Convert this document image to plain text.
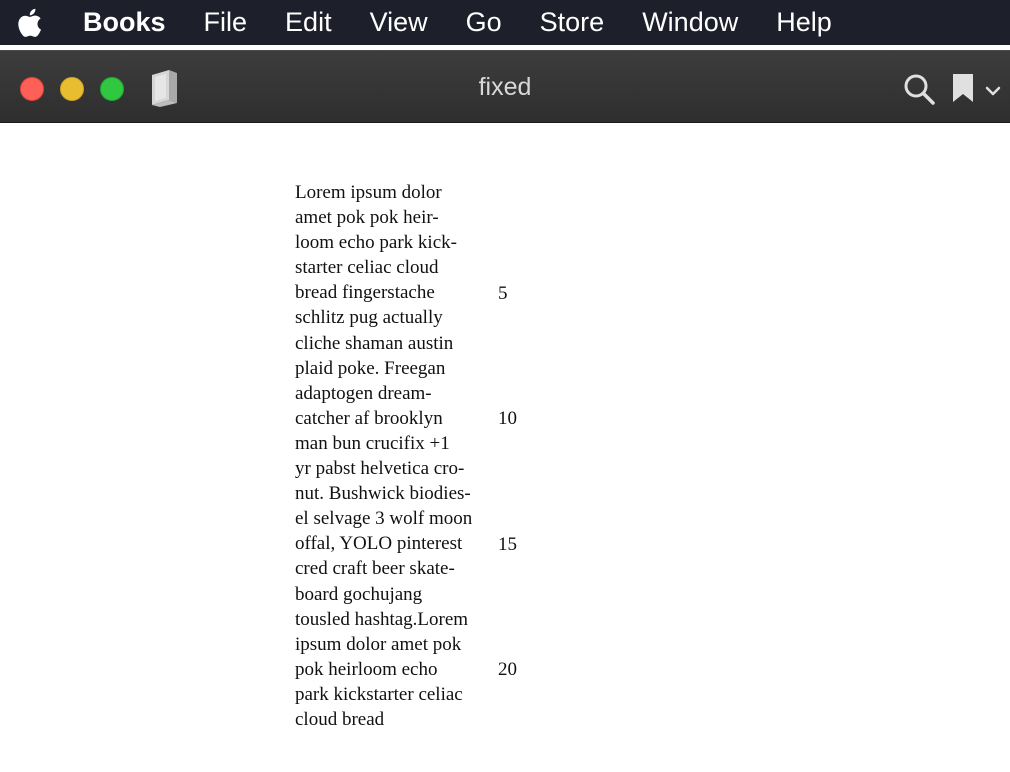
Books File Edit View Go Store Window Help
fixed
Lorem ipsum dolor
amet pok pok heir-
loom echo park kick-
starter celiac cloud
bread fingerstache
schlitz pug actually
cliche shaman austin
plaid poke. Freegan
adaptogen dream-
catcher af brooklyn
man bun crucifix +1
yr pabst helvetica cro-
nut. Bushwick biodies-
el selvage 3 wolf moon
offal, YOLO pinterest
cred craft beer skate-
board gochujang
tousled hashtag.Lorem
ipsum dolor amet pok
pok heirloom echo
park kickstarter celiac
cloud bread
5
10
15
20
